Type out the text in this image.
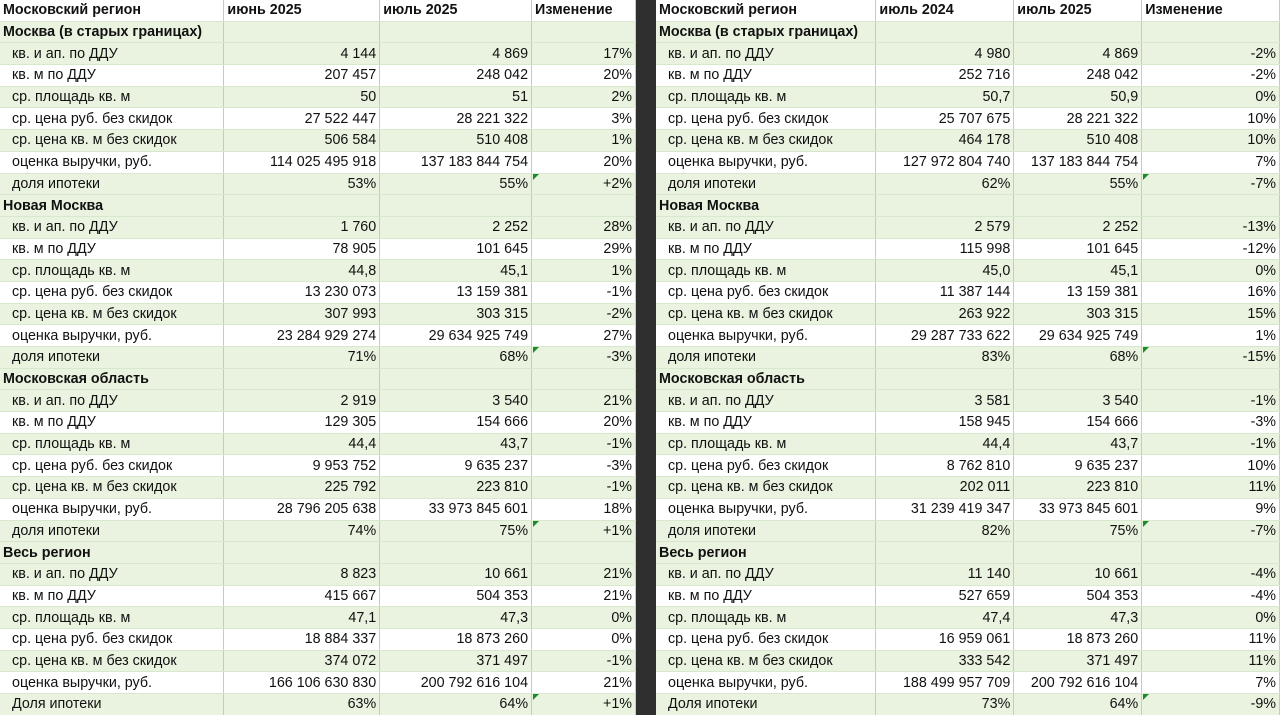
Московский регион	июнь 2025	июль 2025	Изменение
Москва (в старых границах)			
кв. и ап. по ДДУ	4 144	4 869	17%
кв. м по ДДУ	207 457	248 042	20%
ср. площадь кв. м	50	51	2%
ср. цена руб. без скидок	27 522 447	28 221 322	3%
ср. цена кв. м без скидок	506 584	510 408	1%
оценка выручки, руб.	114 025 495 918	137 183 844 754	20%
доля ипотеки	53%	55%	+2%

Новая Москва			
кв. и ап. по ДДУ	1 760	2 252	28%
кв. м по ДДУ	78 905	101 645	29%
ср. площадь кв. м	44,8	45,1	1%
ср. цена руб. без скидок	13 230 073	13 159 381	-1%
ср. цена кв. м без скидок	307 993	303 315	-2%
оценка выручки, руб.	23 284 929 274	29 634 925 749	27%
доля ипотеки	71%	68%	-3%

Московская область			
кв. и ап. по ДДУ	2 919	3 540	21%
кв. м по ДДУ	129 305	154 666	20%
ср. площадь кв. м	44,4	43,7	-1%
ср. цена руб. без скидок	9 953 752	9 635 237	-3%
ср. цена кв. м без скидок	225 792	223 810	-1%
оценка выручки, руб.	28 796 205 638	33 973 845 601	18%
доля ипотеки	74%	75%	+1%

Весь регион			
кв. и ап. по ДДУ	8 823	10 661	21%
кв. м по ДДУ	415 667	504 353	21%
ср. площадь кв. м	47,1	47,3	0%
ср. цена руб. без скидок	18 884 337	18 873 260	0%
ср. цена кв. м без скидок	374 072	371 497	-1%
оценка выручки, руб.	166 106 630 830	200 792 616 104	21%
Доля ипотеки	63%	64%	+1%
Московский регион	июль 2024	июль 2025	Изменение
Москва (в старых границах)			
кв. и ап. по ДДУ	4 980	4 869	-2%
кв. м по ДДУ	252 716	248 042	-2%
ср. площадь кв. м	50,7	50,9	0%
ср. цена руб. без скидок	25 707 675	28 221 322	10%
ср. цена кв. м без скидок	464 178	510 408	10%
оценка выручки, руб.	127 972 804 740	137 183 844 754	7%
доля ипотеки	62%	55%	-7%

Новая Москва			
кв. и ап. по ДДУ	2 579	2 252	-13%
кв. м по ДДУ	115 998	101 645	-12%
ср. площадь кв. м	45,0	45,1	0%
ср. цена руб. без скидок	11 387 144	13 159 381	16%
ср. цена кв. м без скидок	263 922	303 315	15%
оценка выручки, руб.	29 287 733 622	29 634 925 749	1%
доля ипотеки	83%	68%	-15%

Московская область			
кв. и ап. по ДДУ	3 581	3 540	-1%
кв. м по ДДУ	158 945	154 666	-3%
ср. площадь кв. м	44,4	43,7	-1%
ср. цена руб. без скидок	8 762 810	9 635 237	10%
ср. цена кв. м без скидок	202 011	223 810	11%
оценка выручки, руб.	31 239 419 347	33 973 845 601	9%
доля ипотеки	82%	75%	-7%

Весь регион			
кв. и ап. по ДДУ	11 140	10 661	-4%
кв. м по ДДУ	527 659	504 353	-4%
ср. площадь кв. м	47,4	47,3	0%
ср. цена руб. без скидок	16 959 061	18 873 260	11%
ср. цена кв. м без скидок	333 542	371 497	11%
оценка выручки, руб.	188 499 957 709	200 792 616 104	7%
Доля ипотеки	73%	64%	-9%
